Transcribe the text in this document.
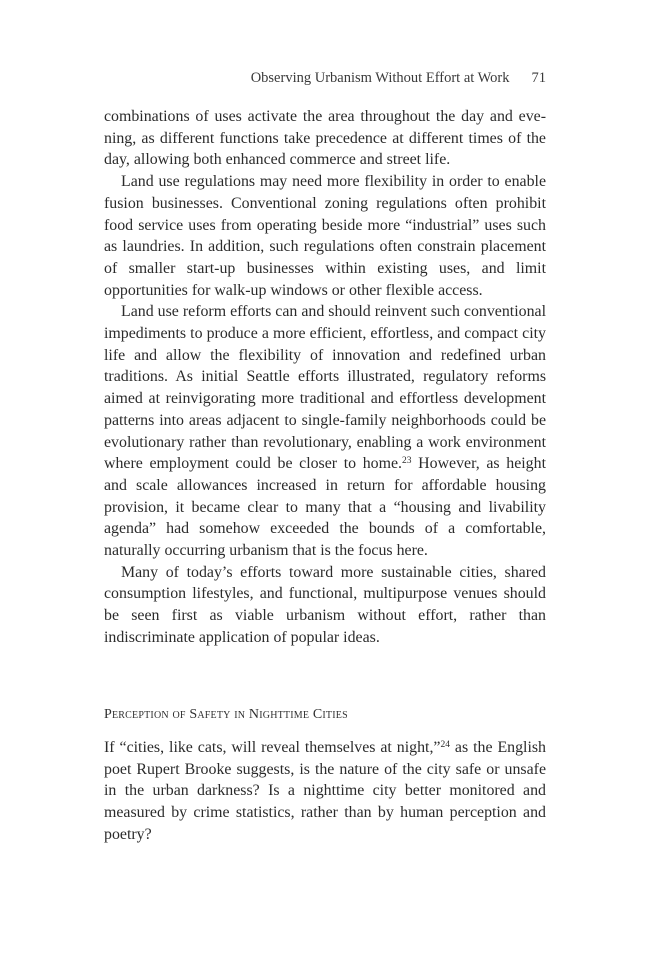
Observing Urbanism Without Effort at Work 71

combinations of uses activate the area throughout the day and evening, as different functions take precedence at different times of the day, allowing both enhanced commerce and street life.

Land use regulations may need more flexibility in order to enable fusion businesses. Conventional zoning regulations often prohibit food service uses from operating beside more “industrial” uses such as laundries. In addition, such regulations often constrain placement of smaller start-up businesses within existing uses, and limit opportunities for walk-up windows or other flexible access.

Land use reform efforts can and should reinvent such conventional impediments to produce a more efficient, effortless, and compact city life and allow the flexibility of innovation and redefined urban traditions. As initial Seattle efforts illustrated, regulatory reforms aimed at reinvigorating more traditional and effortless development patterns into areas adjacent to single-family neighborhoods could be evolutionary rather than revolutionary, enabling a work environment where employment could be closer to home.$^{23}$ However, as height and scale allowances increased in return for affordable housing provision, it became clear to many that a “housing and livability agenda” had somehow exceeded the bounds of a comfortable, naturally occurring urbanism that is the focus here.

Many of today’s efforts toward more sustainable cities, shared consumption lifestyles, and functional, multipurpose venues should be seen first as viable urbanism without effort, rather than indiscriminate application of popular ideas.

Perception of Safety in Nighttime Cities

If “cities, like cats, will reveal themselves at night,”$^{24}$ as the English poet Rupert Brooke suggests, is the nature of the city safe or unsafe in the urban darkness? Is a nighttime city better monitored and measured by crime statistics, rather than by human perception and poetry?
